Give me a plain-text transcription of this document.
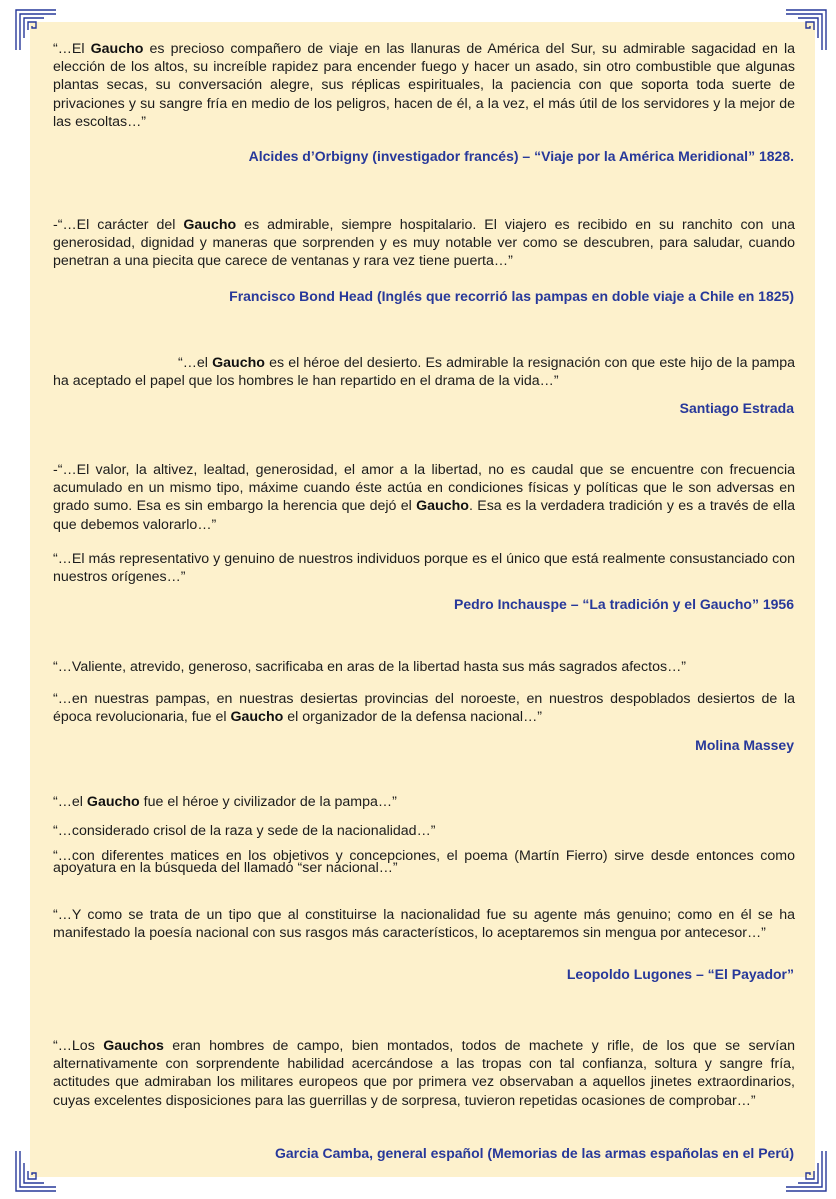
“…El Gaucho es precioso compañero de viaje en las llanuras de América del Sur, su admirable sagacidad en la elección de los altos, su increíble rapidez para encender fuego y hacer un asado, sin otro combustible que algunas plantas secas, su conversación alegre, sus réplicas espirituales, la paciencia con que soporta toda suerte de privaciones y su sangre fría en medio de los peligros, hacen de él, a la vez, el más útil de los servidores y la mejor de las escoltas…”

Alcides d’Orbigny (investigador francés) – “Viaje por la América Meridional” 1828.

-“…El carácter del Gaucho es admirable, siempre hospitalario. El viajero es recibido en su ranchito con una generosidad, dignidad y maneras que sorprenden y es muy notable ver como se descubren, para saludar, cuando penetran a una piecita que carece de ventanas y rara vez tiene puerta…”

Francisco Bond Head (Inglés que recorrió las pampas en doble viaje a Chile en 1825)

“…el Gaucho es el héroe del desierto. Es admirable la resignación con que este hijo de la pampa ha aceptado el papel que los hombres le han repartido en el drama de la vida…”

Santiago Estrada

-“…El valor, la altivez, lealtad, generosidad, el amor a la libertad, no es caudal que se encuentre con frecuencia acumulado en un mismo tipo, máxime cuando éste actúa en condiciones físicas y políticas que le son adversas en grado sumo. Esa es sin embargo la herencia que dejó el Gaucho. Esa es la verdadera tradición y es a través de ella que debemos valorarlo…”

“…El más representativo y genuino de nuestros individuos porque es el único que está realmente consustanciado con nuestros orígenes…”

Pedro Inchauspe – “La tradición y el Gaucho” 1956

“…Valiente, atrevido, generoso, sacrificaba en aras de la libertad hasta sus más sagrados afectos…”

“…en nuestras pampas, en nuestras desiertas provincias del noroeste, en nuestros despoblados desiertos de la época revolucionaria, fue el Gaucho el organizador de la defensa nacional…”

Molina Massey

“…el Gaucho fue el héroe y civilizador de la pampa…”

“…considerado crisol de la raza y sede de la nacionalidad…”

“…con diferentes matices en los objetivos y concepciones, el poema (Martín Fierro) sirve desde entonces como apoyatura en la búsqueda del llamado “ser nacional…”

“…Y como se trata de un tipo que al constituirse la nacionalidad fue su agente más genuino; como en él se ha manifestado la poesía nacional con sus rasgos más característicos, lo aceptaremos sin mengua por antecesor…”

Leopoldo Lugones – “El Payador”

“…Los Gauchos eran hombres de campo, bien montados, todos de machete y rifle, de los que se servían alternativamente con sorprendente habilidad acercándose a las tropas con tal confianza, soltura y sangre fría, actitudes que admiraban los militares europeos que por primera vez observaban a aquellos jinetes extraordinarios, cuyas excelentes disposiciones para las guerrillas y de sorpresa, tuvieron repetidas ocasiones de comprobar…”

Garcia Camba, general español (Memorias de las armas españolas en el Perú)
